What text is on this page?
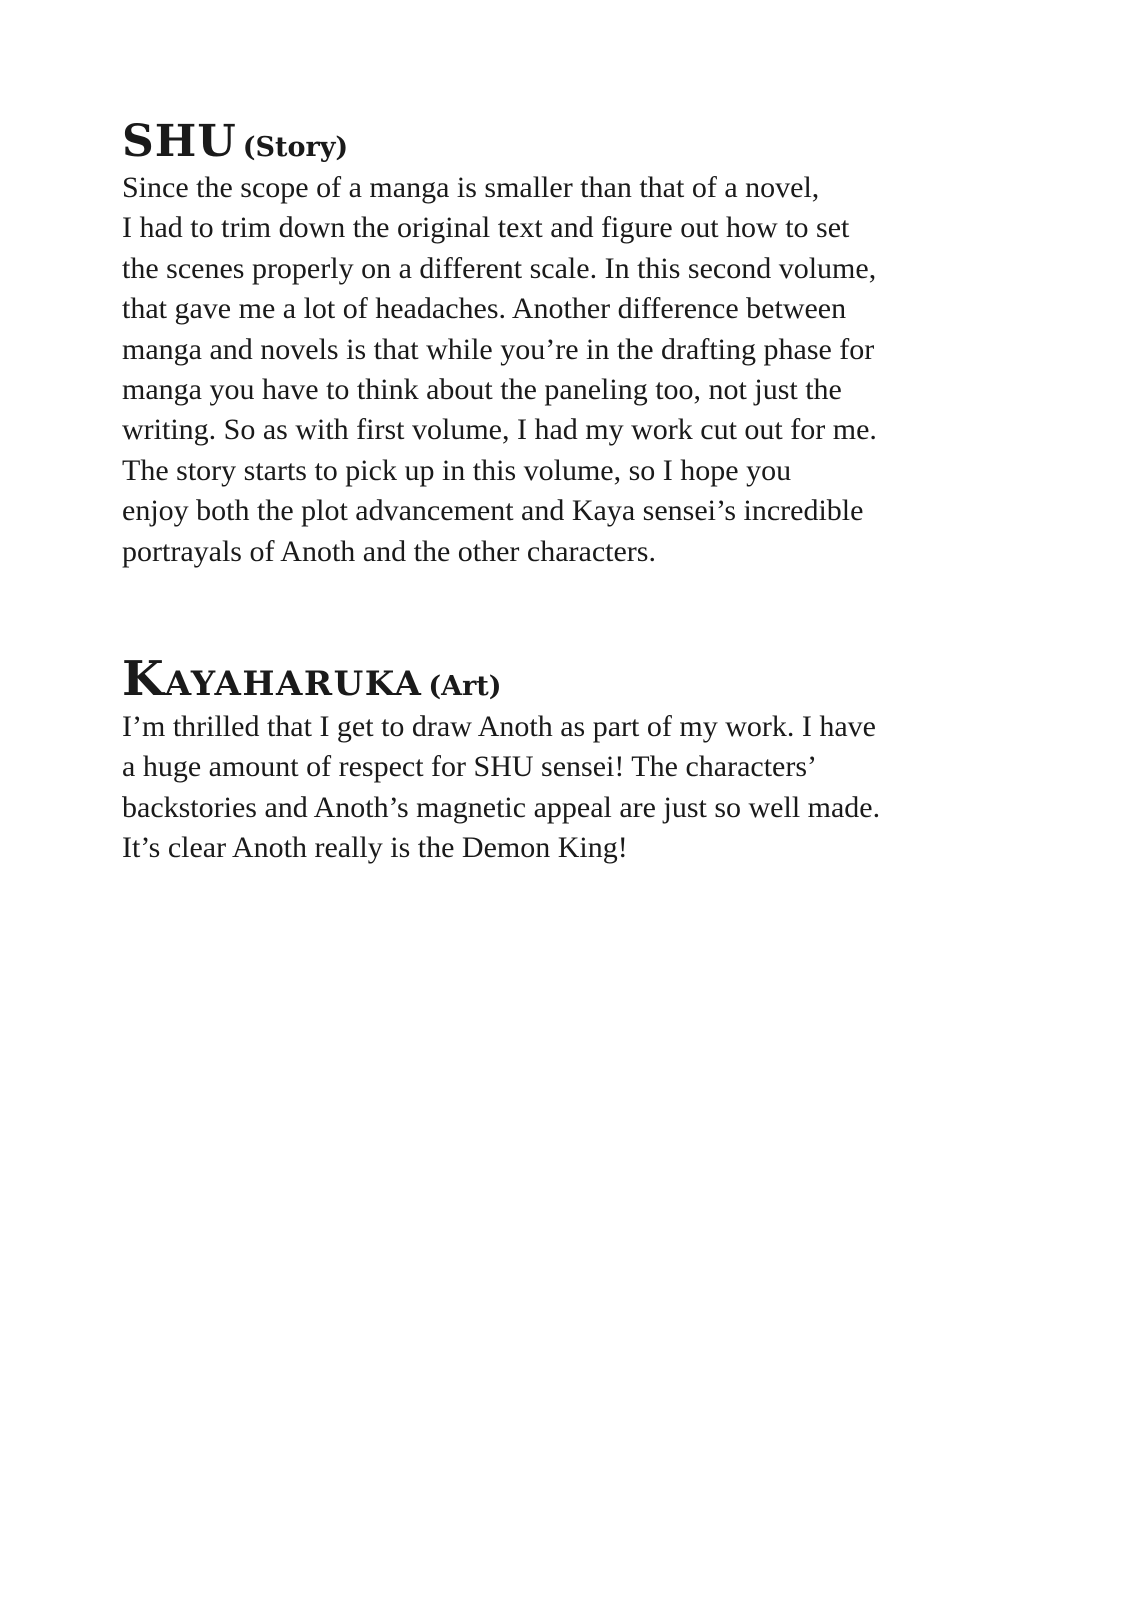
SHU (Story)

Since the scope of a manga is smaller than that of a novel,
I had to trim down the original text and figure out how to set
the scenes properly on a different scale. In this second volume,
that gave me a lot of headaches. Another difference between
manga and novels is that while you’re in the drafting phase for
manga you have to think about the paneling too, not just the
writing. So as with first volume, I had my work cut out for me.
The story starts to pick up in this volume, so I hope you
enjoy both the plot advancement and Kaya sensei’s incredible
portrayals of Anoth and the other characters.

KAYAHARUKA (Art)

I’m thrilled that I get to draw Anoth as part of my work. I have
a huge amount of respect for SHU sensei! The characters’
backstories and Anoth’s magnetic appeal are just so well made.
It’s clear Anoth really is the Demon King!
